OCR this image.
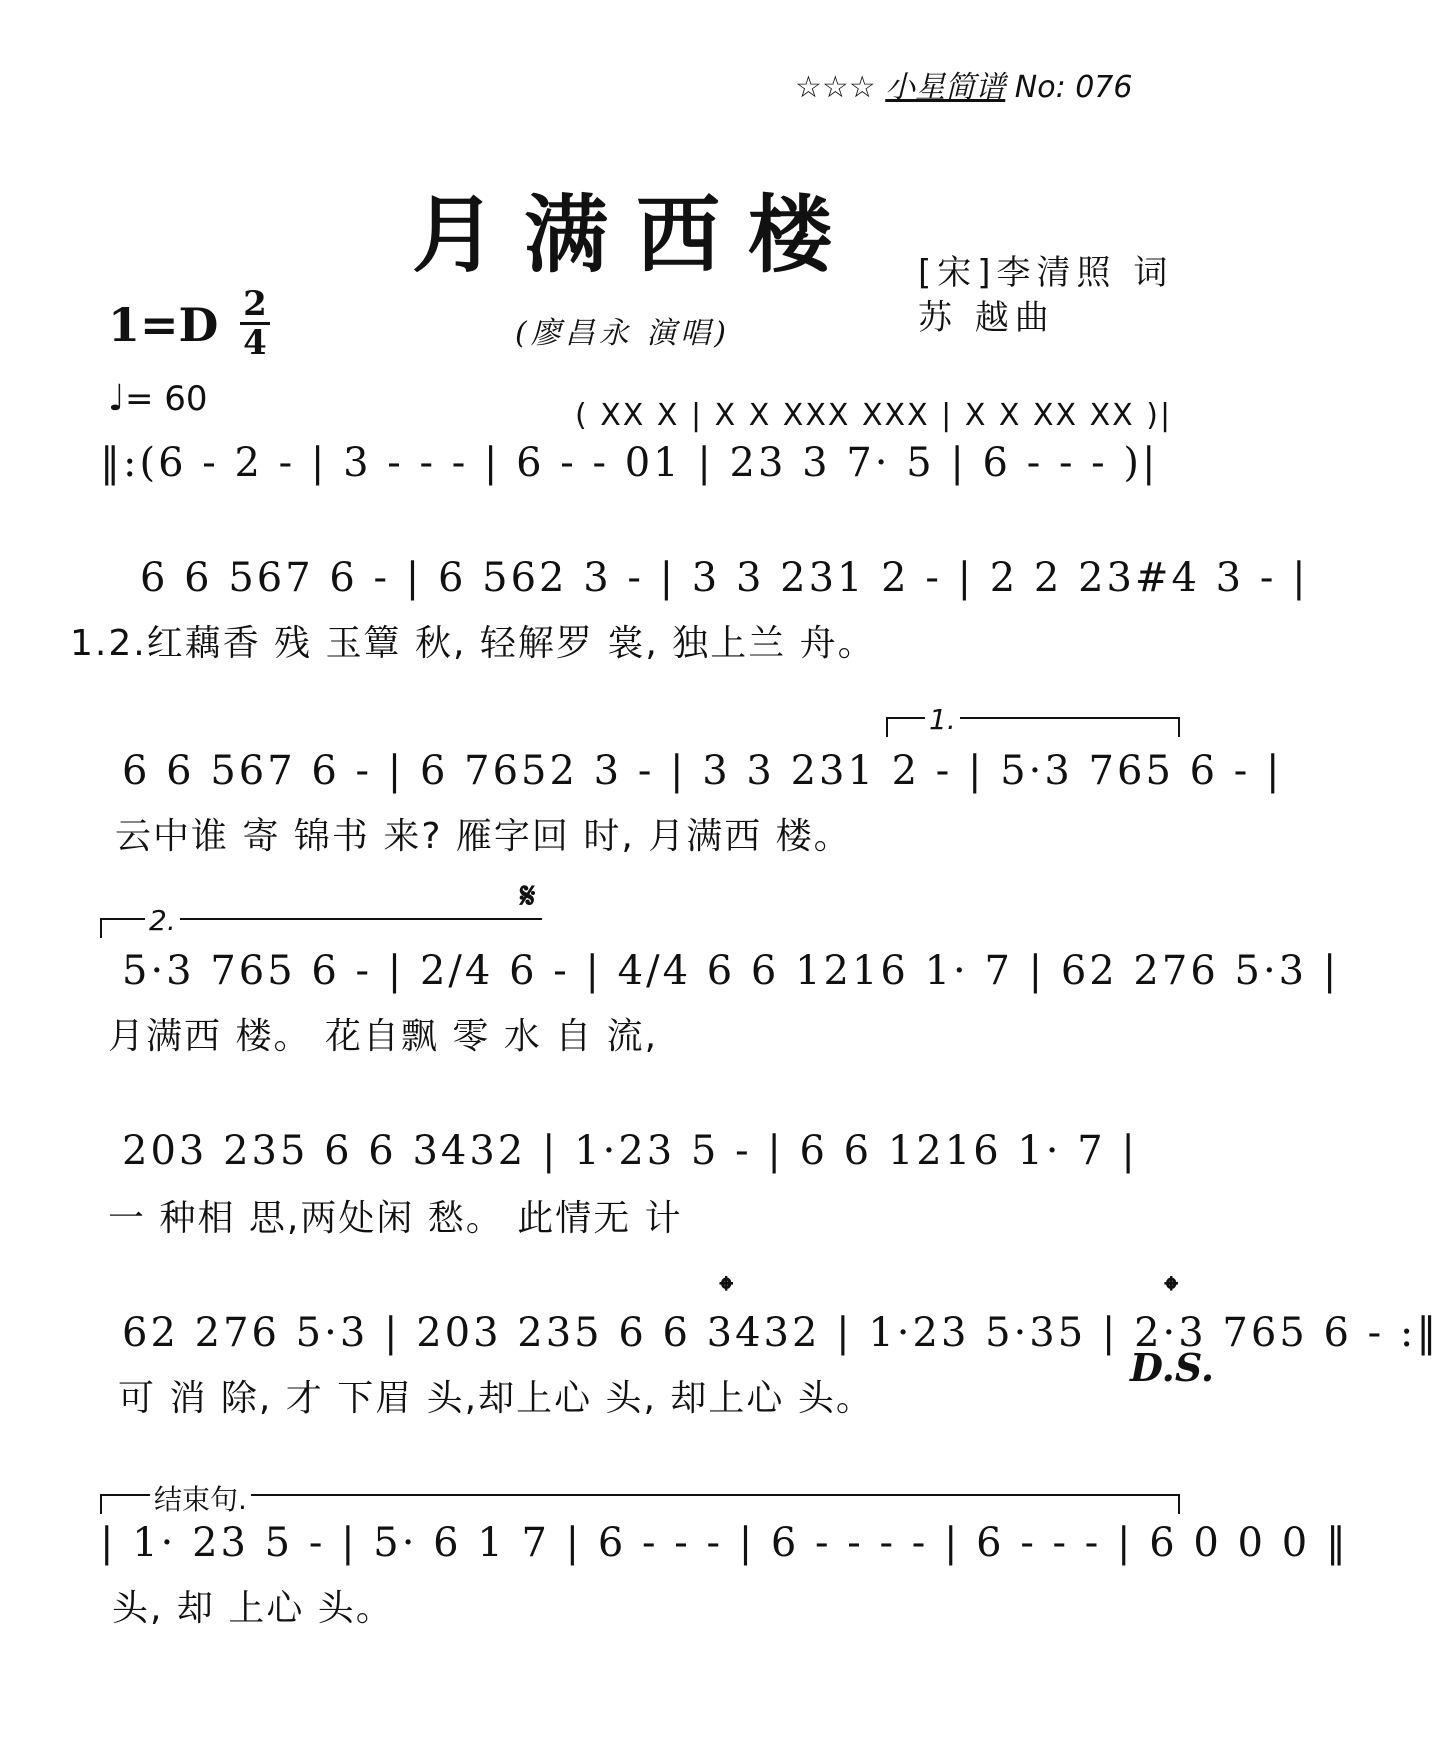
☆☆☆ 小星简谱 No: 076
月满西楼
1=D 2
4	(廖昌永 演唱)
[宋]李清照 词
苏 越曲
♩= 60	( XX X | X X XXX XXX | X X XX XX )|
‖:(6 - 2 - | 3 - - - | 6 - - 01 | 23 3 7· 5 | 6 - - - )|
6 6 567 6 - | 6 562 3 - | 3 3 231 2 - | 2 2 23#4 3 - |
1.2.红藕香 残 玉簟 秋, 轻解罗 裳, 独上兰 舟。
1.
6 6 567 6 - | 6 7652 3 - | 3 3 231 2 - | 5·3 765 6 - |
云中谁 寄 锦书 来? 雁字回 时, 月满西 楼。
2.
𝄋
5·3 765 6 - | 2/4 6 - | 4/4 6 6 1216 1· 7 | 62 276 5·3 |
月满西 楼。 花自飘 零 水 自 流,
203 235 6 6 3432 | 1·23 5 - | 6 6 1216 1· 7 |
一 种相 思,两处闲 愁。 此情无 计
𝄌	𝄌
62 276 5·3 | 203 235 6 6 3432 | 1·23 5·35 | 2·3 765 6 - :‖
可 消 除, 才 下眉 头,却上心 头, 却上心 头。
D.S.
结束句.
| 1· 23 5 - | 5· 6 1 7 | 6 - - - | 6 - - - - | 6 - - - | 6 0 0 0 ‖
头, 却 上心 头。
